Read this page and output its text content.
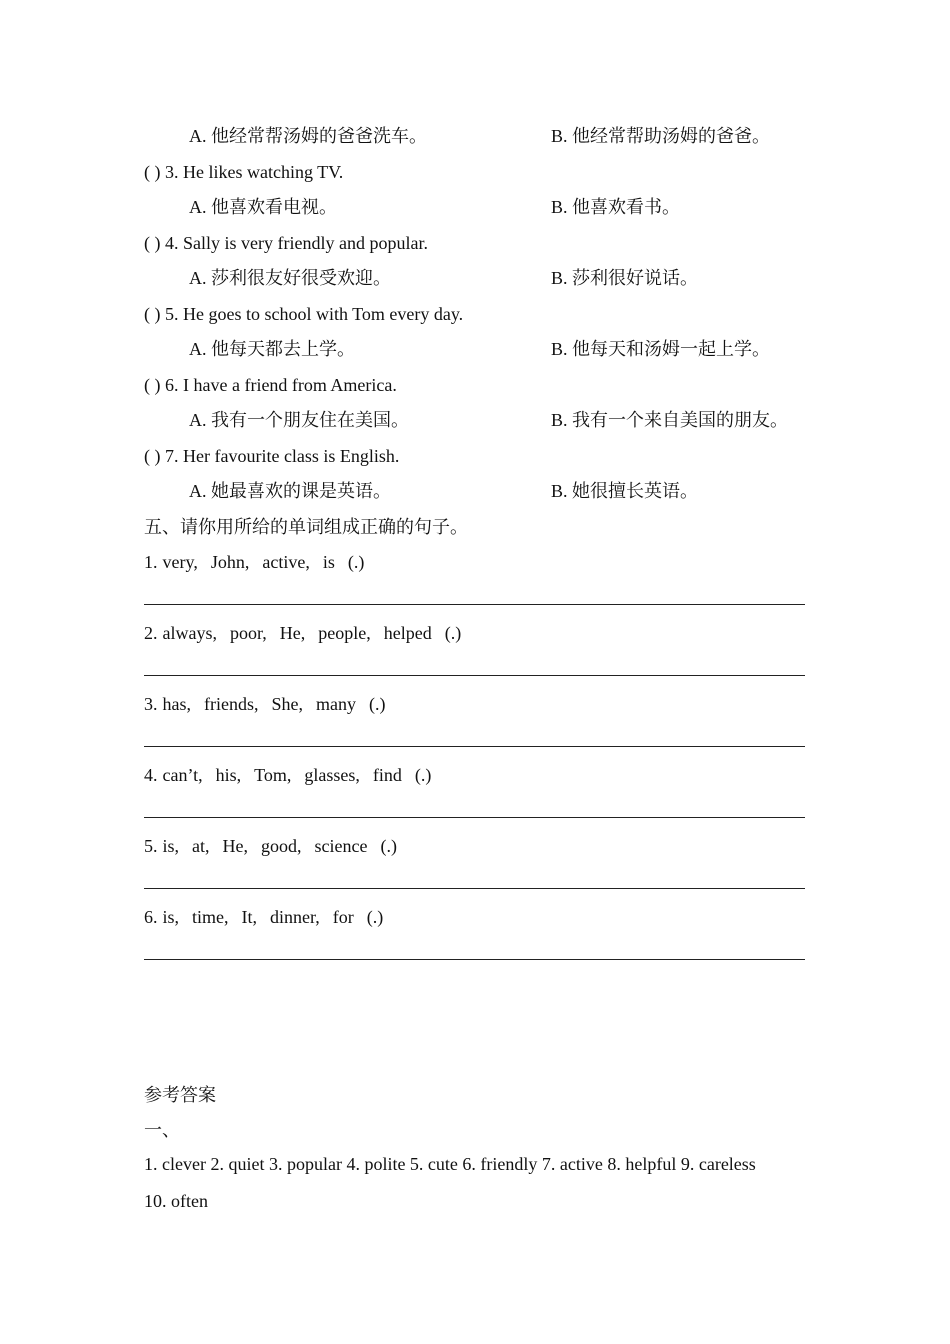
A. 他经常帮汤姆的爸爸洗车。	B. 他经常帮助汤姆的爸爸。
( ) 3. He likes watching TV.
A. 他喜欢看电视。	B. 他喜欢看书。
( ) 4. Sally is very friendly and popular.
A. 莎利很友好很受欢迎。	B. 莎利很好说话。
( ) 5. He goes to school with Tom every day.
A. 他每天都去上学。	B. 他每天和汤姆一起上学。
( ) 6. I have a friend from America.
A. 我有一个朋友住在美国。	B. 我有一个来自美国的朋友。
( ) 7. Her favourite class is English.
A. 她最喜欢的课是英语。	B. 她很擅长英语。
五、请你用所给的单词组成正确的句子。
1. very, John, active, is (.)
2. always, poor, He, people, helped (.)
3. has, friends, She, many (.)
4. can’t, his, Tom, glasses, find (.)
5. is, at, He, good, science (.)
6. is, time, It, dinner, for (.)
参考答案
一、
1. clever 2. quiet 3. popular 4. polite 5. cute 6. friendly 7. active 8. helpful 9. careless
10. often
